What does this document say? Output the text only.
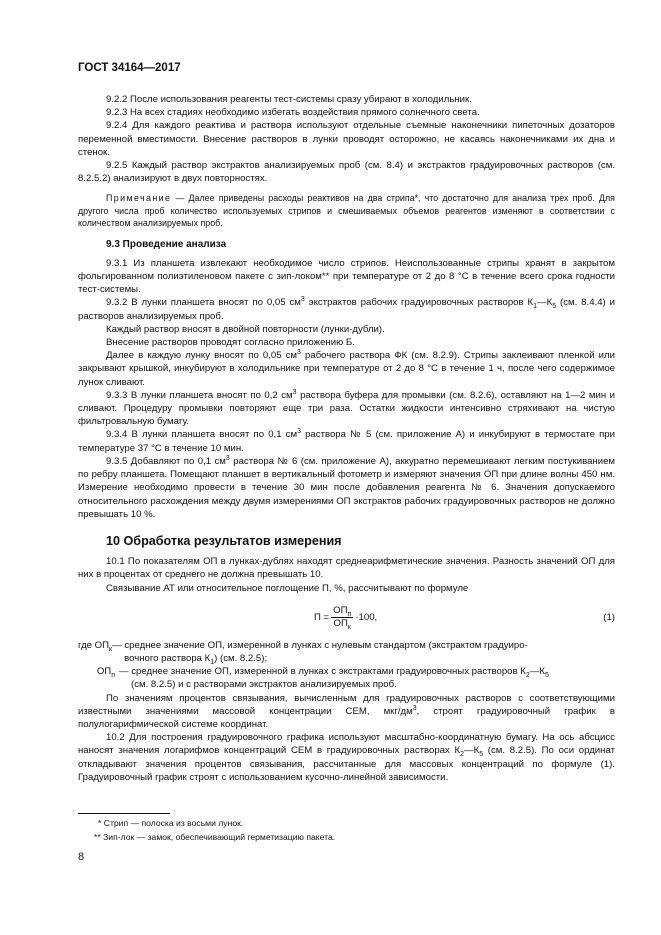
ГОСТ 34164—2017

9.2.2 После использования реагенты тест-системы сразу убирают в холодильник.

9.2.3 На всех стадиях необходимо избегать воздействия прямого солнечного света.

9.2.4 Для каждого реактива и раствора используют отдельные съемные наконечники пипеточных дозаторов переменной вместимости. Внесение растворов в лунки проводят осторожно, не касаясь наконечниками их дна и стенок.

9.2.5 Каждый раствор экстрактов анализируемых проб (см. 8.4) и экстрактов градуировочных растворов (см. 8.2.5.2) анализируют в двух повторностях.

Примечание — Далее приведены расходы реактивов на два стрипа*, что достаточно для анализа трех проб. Для другого числа проб количество используемых стрипов и смешиваемых объемов реагентов изменяют в соответствии с количеством анализируемых проб.

9.3 Проведение анализа

9.3.1 Из планшета извлекают необходимое число стрипов. Неиспользованные стрипы хранят в закрытом фольгированном полиэтиленовом пакете с зип-локом** при температуре от 2 до 8 °С в течение всего срока годности тест-системы.

9.3.2 В лунки планшета вносят по 0,05 $см^3$ экстрактов рабочих градуировочных растворов $К_1—К_5$ (см. 8.4.4) и растворов анализируемых проб.

Каждый раствор вносят в двойной повторности (лунки-дубли).

Внесение растворов проводят согласно приложению Б.

Далее в каждую лунку вносят по 0,05 $см^3$ рабочего раствора ФК (см. 8.2.9). Стрипы заклеивают пленкой или закрывают крышкой, инкубируют в холодильнике при температуре от 2 до 8 °С в течение 1 ч, после чего содержимое лунок сливают.

9.3.3 В лунки планшета вносят по 0,2 $см^3$ раствора буфера для промывки (см. 8.2.6), оставляют на 1—2 мин и сливают. Процедуру промывки повторяют еще три раза. Остатки жидкости интенсивно стряхивают на чистую фильтровальную бумагу.

9.3.4 В лунки планшета вносят по 0,1 $см^3$ раствора № 5 (см. приложение А) и инкубируют в термостате при температуре 37 °С в течение 10 мин.

9.3.5 Добавляют по 0,1 $см^3$ раствора № 6 (см. приложение А), аккуратно перемешивают легким постукиванием по ребру планшета. Помещают планшет в вертикальный фотометр и измеряют значения ОП при длине волны 450 нм. Измерение необходимо провести в течение 30 мин после добавления реагента № 6. Значения допускаемого относительного расхождения между двумя измерениями ОП экстрактов рабочих градуировочных растворов не должно превышать 10 %.

10 Обработка результатов измерения

10.1 По показателям ОП в лунках-дублях находят среднеарифметические значения. Разность значений ОП для них в процентах от среднего не должна превышать 10.

Связывание АТ или относительное поглощение П, %, рассчитывают по формуле

$П = \frac{ОП_п}{ОП_к} \cdot 100$,	(1)
где $ОП_к$ — среднее значение ОП, измеренной в лунках с нулевым стандартом (экстрактом градуиро-
вочного раствора $К_1$) (см. 8.2.5);
$ОП_п$ — среднее значение ОП, измеренной в лунках с экстрактами градуировочных растворов $К_2—К_5$
(см. 8.2.5) и с растворами экстрактов анализируемых проб.

По значениям процентов связывания, вычисленным для градуировочных растворов с соответствующими известными значениями массовой концентрации СЕМ, мкг/$дм^3$, строят градуировочный график в полулогарифмической системе координат.

10.2 Для построения градуировочного графика используют масштабно-координатную бумагу. На ось абсцисс наносят значения логарифмов концентраций СЕМ в градуировочных растворах $К_2—К_5$ (см. 8.2.5). По оси ординат откладывают значения процентов связывания, рассчитанные для массовых концентраций по формуле (1). Градуировочный график строят с использованием кусочно-линейной зависимости.

* Стрип — полоска из восьми лунок.
** Зип-лок — замок, обеспечивающий герметизацию пакета.
8
